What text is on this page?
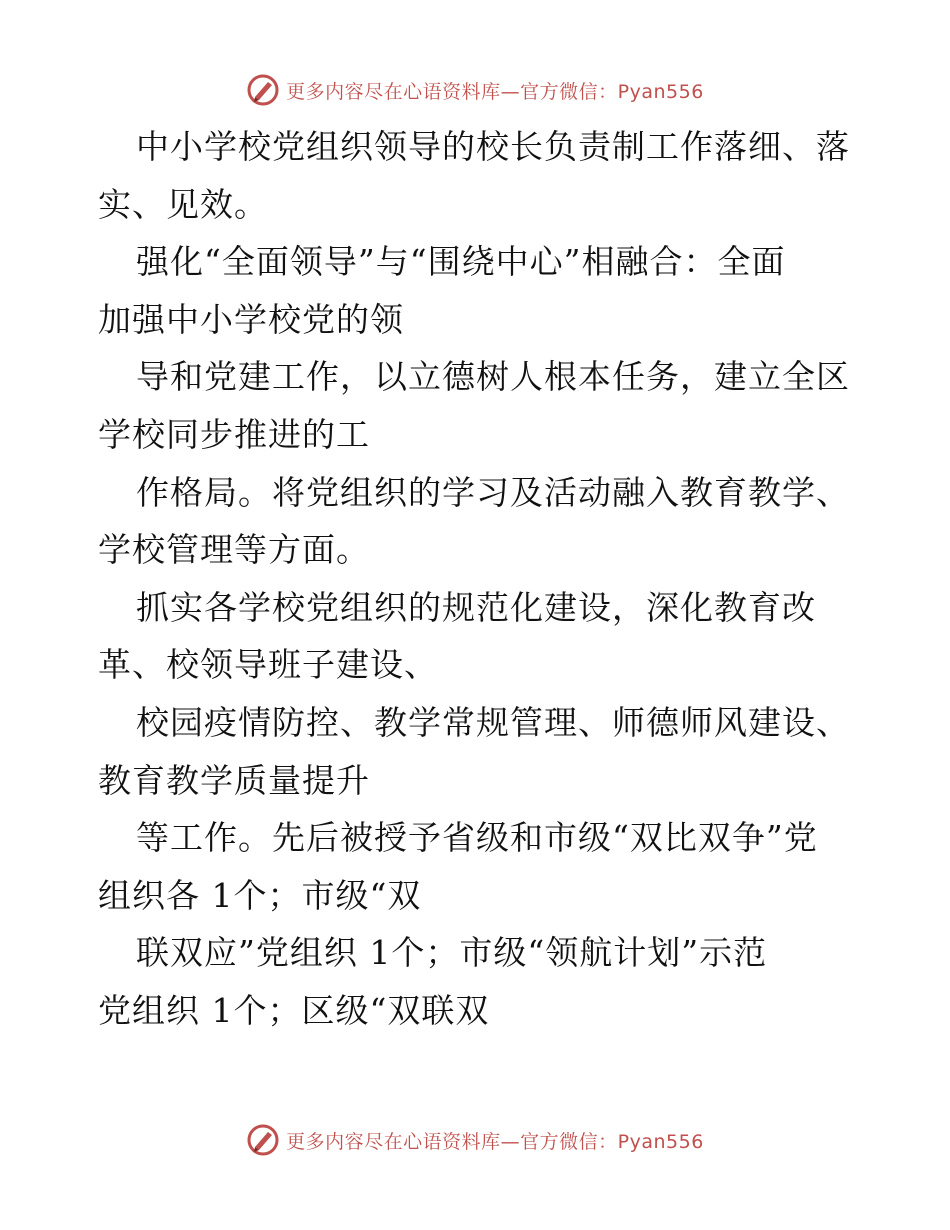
更多内容尽在心语资料库—官方微信：Pyan556
中小学校党组织领导的校长负责制工作落细、落
实、见效。
强化“全面领导”与“围绕中心”相融合：全面
加强中小学校党的领
导和党建工作，以立德树人根本任务，建立全区
学校同步推进的工
作格局。将党组织的学习及活动融入教育教学、
学校管理等方面。
抓实各学校党组织的规范化建设，深化教育改
革、校领导班子建设、
校园疫情防控、教学常规管理、师德师风建设、
教育教学质量提升
等工作。先后被授予省级和市级“双比双争”党
组织各 1个；市级“双
联双应”党组织 1个；市级“领航计划”示范
党组织 1个；区级“双联双
更多内容尽在心语资料库—官方微信：Pyan556
